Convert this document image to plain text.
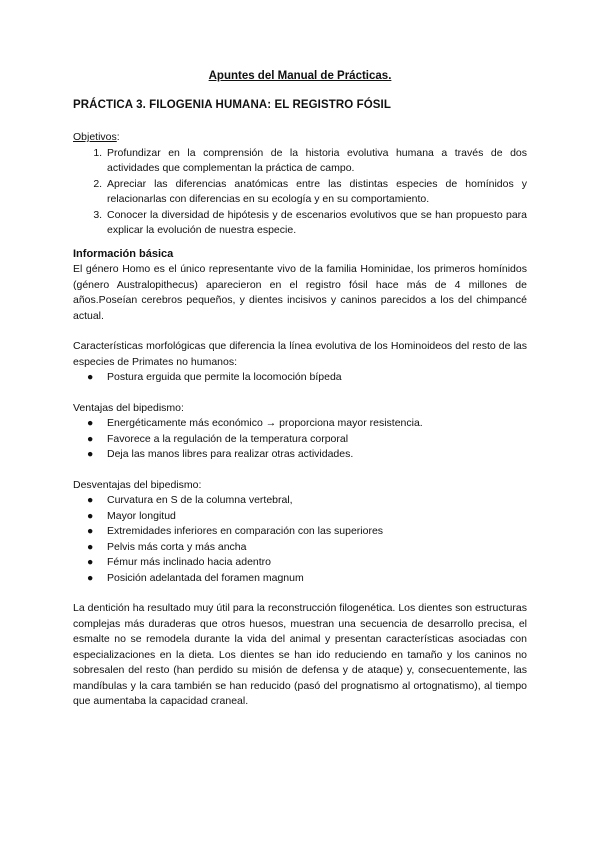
Apuntes del Manual de Prácticas.
PRÁCTICA 3. FILOGENIA HUMANA: EL REGISTRO FÓSIL

Objetivos:

1. Profundizar en la comprensión de la historia evolutiva humana a través de dos actividades que complementan la práctica de campo.
2. Apreciar las diferencias anatómicas entre las distintas especies de homínidos y relacionarlas con diferencias en su ecología y en su comportamiento.
3. Conocer la diversidad de hipótesis y de escenarios evolutivos que se han propuesto para explicar la evolución de nuestra especie.

Información básica

El género Homo es el único representante vivo de la familia Hominidae, los primeros homínidos (género Australopithecus) aparecieron en el registro fósil hace más de 4 millones de años.Poseían cerebros pequeños, y dientes incisivos y caninos parecidos a los del chimpancé actual.

Características morfológicas que diferencia la línea evolutiva de los Hominoideos del resto de las especies de Primates no humanos:

● Postura erguida que permite la locomoción bípeda

Ventajas del bipedismo:

● Energéticamente más económico → proporciona mayor resistencia.
● Favorece a la regulación de la temperatura corporal
● Deja las manos libres para realizar otras actividades.

Desventajas del bipedismo:

● Curvatura en S de la columna vertebral,
● Mayor longitud
● Extremidades inferiores en comparación con las superiores
● Pelvis más corta y más ancha
● Fémur más inclinado hacia adentro
● Posición adelantada del foramen magnum

La dentición ha resultado muy útil para la reconstrucción filogenética. Los dientes son estructuras complejas más duraderas que otros huesos, muestran una secuencia de desarrollo precisa, el esmalte no se remodela durante la vida del animal y presentan características asociadas con especializaciones en la dieta. Los dientes se han ido reduciendo en tamaño y los caninos no sobresalen del resto (han perdido su misión de defensa y de ataque) y, consecuentemente, las mandíbulas y la cara también se han reducido (pasó del prognatismo al ortognatismo), al tiempo que aumentaba la capacidad craneal.
